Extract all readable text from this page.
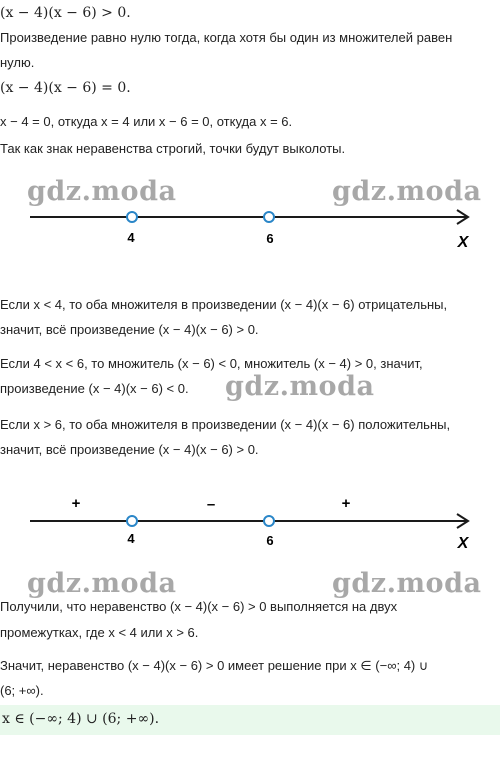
(x − 4)(x − 6) > 0.
Произведение равно нулю тогда, когда хотя бы один из множителей равен
нулю.
(x − 4)(x − 6) = 0.
x − 4 = 0, откуда x = 4 или x − 6 = 0, откуда x = 6.
Так как знак неравенства строгий, точки будут выколоты.
4	6	X
gdz.moda	gdz.moda
Если x < 4, то оба множителя в произведении (x − 4)(x − 6) отрицательны,
значит, всё произведение (x − 4)(x − 6) > 0.
Если 4 < x < 6, то множитель (x − 6) < 0, множитель (x − 4) > 0, значит,
произведение (x − 4)(x − 6) < 0. gdz.moda
Если x > 6, то оба множителя в произведении (x − 4)(x − 6) положительны,
значит, всё произведение (x − 4)(x − 6) > 0.
+	–	+
4	6	X
gdz.moda	gdz.moda
Получили, что неравенство (x − 4)(x − 6) > 0 выполняется на двух
промежутках, где x < 4 или x > 6.
Значит, неравенство (x − 4)(x − 6) > 0 имеет решение при x ∈ (−∞; 4) ∪
(6; +∞).
x ∈ (−∞; 4) ∪ (6; +∞).
